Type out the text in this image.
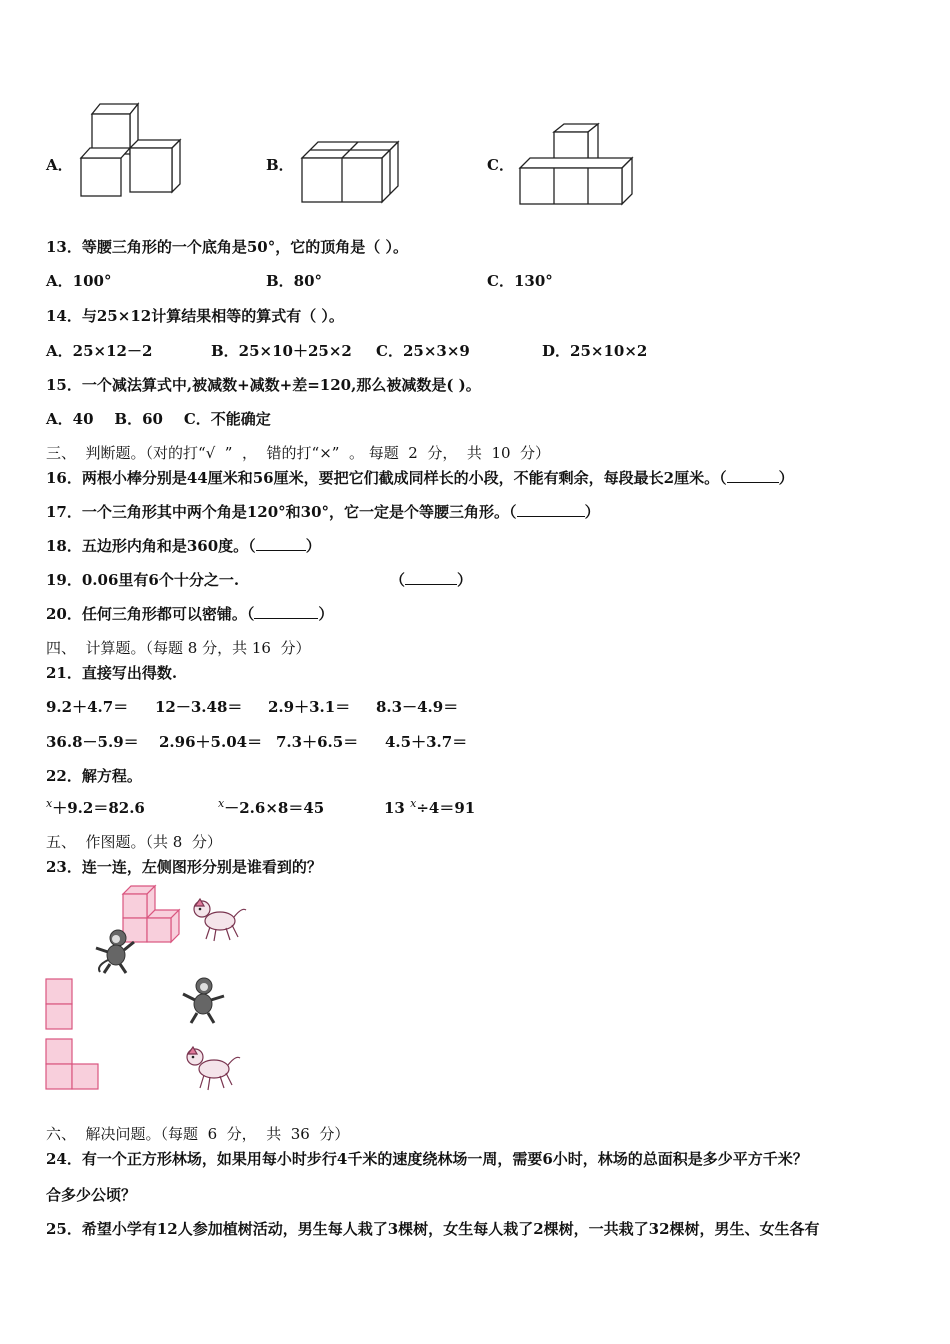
A．	B．	C．
13．等腰三角形的一个底角是50°，它的顶角是（ ）。
A．100°	B．80°	C．130°
14．与25×12计算结果相等的算式有（ ）。
A．25×12－2	B．25×10＋25×2 C．25×3×9	D．25×10×2
15．一个减法算式中,被减数+减数+差=120,那么被减数是( )。
A．40    B．60    C．不能确定
三、  判断题。（对的打“√  ”  ，  错的打“×”  。 每题  2  分，  共  10  分）
16．两根小棒分别是44厘米和56厘米，要把它们截成同样长的小段，不能有剩余，每段最长2厘米。（	）
17．一个三角形其中两个角是120°和30°，它一定是个等腰三角形。（	）
18．五边形内角和是360度。（	）
19．0.06里有6个十分之一.	（	）
20．任何三角形都可以密铺。（	）
四、  计算题。（每题 8 分，共 16  分）
21．直接写出得数.
9.2＋4.7＝ 12－3.48＝ 2.9＋3.1＝ 8.3－4.9＝
36.8－5.9＝ 2.96＋5.04＝ 7.3＋6.5＝ 4.5＋3.7＝
22．解方程。
$^x$＋9.2＝82.6	$^x$－2.6×8＝45	13 $^x$÷4＝91
五、  作图题。（共 8  分）
23．连一连，左侧图形分别是谁看到的？
六、  解决问题。（每题  6  分，  共  36  分）
24．有一个正方形林场，如果用每小时步行4千米的速度绕林场一周，需要6小时，林场的总面积是多少平方千米？
合多少公顷？
25．希望小学有12人参加植树活动，男生每人栽了3棵树，女生每人栽了2棵树，一共栽了32棵树，男生、女生各有
